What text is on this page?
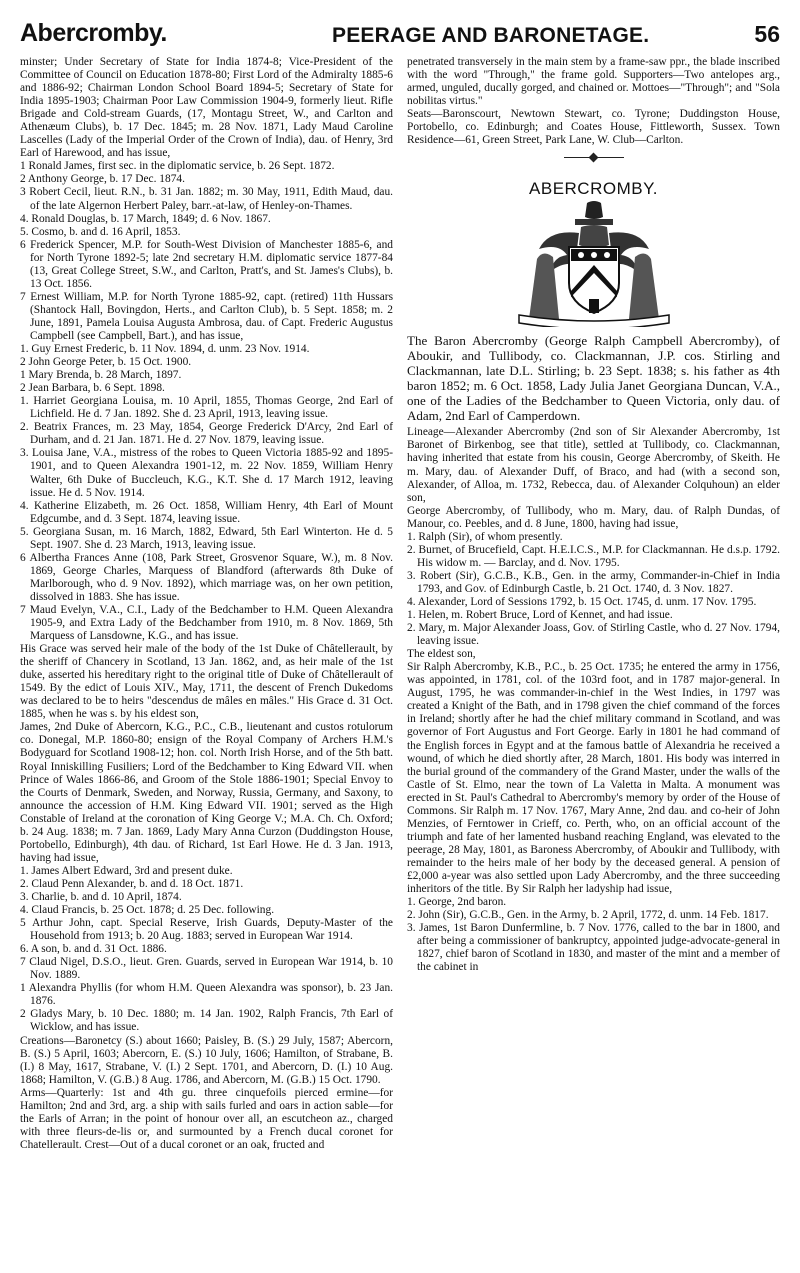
Abercromby.	PEERAGE AND BARONETAGE.	56

minster; Under Secretary of State for India 1874-8; Vice-President of the Committee of Council on Education 1878-80; First Lord of the Admiralty 1885-6 and 1886-92; Chairman London School Board 1894-5; Secretary of State for India 1895-1903; Chairman Poor Law Commission 1904-9, formerly lieut. Rifle Brigade and Cold-stream Guards, (17, Montagu Street, W., and Carlton and Athenæum Clubs), b. 17 Dec. 1845; m. 28 Nov. 1871, Lady Maud Caroline Lascelles (Lady of the Imperial Order of the Crown of India), dau. of Henry, 3rd Earl of Harewood, and has issue,

1 Ronald James, first sec. in the diplomatic service, b. 26 Sept. 1872.

2 Anthony George, b. 17 Dec. 1874.

3 Robert Cecil, lieut. R.N., b. 31 Jan. 1882; m. 30 May, 1911, Edith Maud, dau. of the late Algernon Herbert Paley, barr.-at-law, of Henley-on-Thames.

4. Ronald Douglas, b. 17 March, 1849; d. 6 Nov. 1867.

5. Cosmo, b. and d. 16 April, 1853.

6 Frederick Spencer, M.P. for South-West Division of Manchester 1885-6, and for North Tyrone 1892-5; late 2nd secretary H.M. diplomatic service 1877-84 (13, Great College Street, S.W., and Carlton, Pratt's, and St. James's Clubs), b. 13 Oct. 1856.

7 Ernest William, M.P. for North Tyrone 1885-92, capt. (retired) 11th Hussars (Shantock Hall, Bovingdon, Herts., and Carlton Club), b. 5 Sept. 1858; m. 2 June, 1891, Pamela Louisa Augusta Ambrosa, dau. of Capt. Frederic Augustus Campbell (see Campbell, Bart.), and has issue,

1. Guy Ernest Frederic, b. 11 Nov. 1894, d. unm. 23 Nov. 1914.

2 John George Peter, b. 15 Oct. 1900.

1 Mary Brenda, b. 28 March, 1897.

2 Jean Barbara, b. 6 Sept. 1898.

1. Harriet Georgiana Louisa, m. 10 April, 1855, Thomas George, 2nd Earl of Lichfield. He d. 7 Jan. 1892. She d. 23 April, 1913, leaving issue.

2. Beatrix Frances, m. 23 May, 1854, George Frederick D'Arcy, 2nd Earl of Durham, and d. 21 Jan. 1871. He d. 27 Nov. 1879, leaving issue.

3. Louisa Jane, V.A., mistress of the robes to Queen Victoria 1885-92 and 1895-1901, and to Queen Alexandra 1901-12, m. 22 Nov. 1859, William Henry Walter, 6th Duke of Buccleuch, K.G., K.T. She d. 17 March 1912, leaving issue. He d. 5 Nov. 1914.

4. Katherine Elizabeth, m. 26 Oct. 1858, William Henry, 4th Earl of Mount Edgcumbe, and d. 3 Sept. 1874, leaving issue.

5. Georgiana Susan, m. 16 March, 1882, Edward, 5th Earl Winterton. He d. 5 Sept. 1907. She d. 23 March, 1913, leaving issue.

6 Albertha Frances Anne (108, Park Street, Grosvenor Square, W.), m. 8 Nov. 1869, George Charles, Marquess of Blandford (afterwards 8th Duke of Marlborough, who d. 9 Nov. 1892), which marriage was, on her own petition, dissolved in 1883. She has issue.

7 Maud Evelyn, V.A., C.I., Lady of the Bedchamber to H.M. Queen Alexandra 1905-9, and Extra Lady of the Bedchamber from 1910, m. 8 Nov. 1869, 5th Marquess of Lansdowne, K.G., and has issue.

His Grace was served heir male of the body of the 1st Duke of Châtellerault, by the sheriff of Chancery in Scotland, 13 Jan. 1862, and, as heir male of the 1st duke, asserted his hereditary right to the original title of Duke of Châtellerault of 1549. By the edict of Louis XIV., May, 1711, the descent of French Dukedoms was declared to be to heirs "descendus de mâles en mâles." His Grace d. 31 Oct. 1885, when he was s. by his eldest son,

James, 2nd Duke of Abercorn, K.G., P.C., C.B., lieutenant and custos rotulorum co. Donegal, M.P. 1860-80; ensign of the Royal Company of Archers H.M.'s Bodyguard for Scotland 1908-12; hon. col. North Irish Horse, and of the 5th batt. Royal Inniskilling Fusiliers; Lord of the Bedchamber to King Edward VII. when Prince of Wales 1866-86, and Groom of the Stole 1886-1901; Special Envoy to the Courts of Denmark, Sweden, and Norway, Russia, Germany, and Saxony, to announce the accession of H.M. King Edward VII. 1901; served as the High Constable of Ireland at the coronation of King George V.; M.A. Ch. Ch. Oxford; b. 24 Aug. 1838; m. 7 Jan. 1869, Lady Mary Anna Curzon (Duddingston House, Portobello, Edinburgh), 4th dau. of Richard, 1st Earl Howe. He d. 3 Jan. 1913, having had issue,

1. James Albert Edward, 3rd and present duke.

2. Claud Penn Alexander, b. and d. 18 Oct. 1871.

3. Charlie, b. and d. 10 April, 1874.

4. Claud Francis, b. 25 Oct. 1878; d. 25 Dec. following.

5 Arthur John, capt. Special Reserve, Irish Guards, Deputy-Master of the Household from 1913; b. 20 Aug. 1883; served in European War 1914.

6. A son, b. and d. 31 Oct. 1886.

7 Claud Nigel, D.S.O., lieut. Gren. Guards, served in European War 1914, b. 10 Nov. 1889.

1 Alexandra Phyllis (for whom H.M. Queen Alexandra was sponsor), b. 23 Jan. 1876.

2 Gladys Mary, b. 10 Dec. 1880; m. 14 Jan. 1902, Ralph Francis, 7th Earl of Wicklow, and has issue.

Creations—Baronetcy (S.) about 1660; Paisley, B. (S.) 29 July, 1587; Abercorn, B. (S.) 5 April, 1603; Abercorn, E. (S.) 10 July, 1606; Hamilton, of Strabane, B. (I.) 8 May, 1617, Strabane, V. (I.) 2 Sept. 1701, and Abercorn, D. (I.) 10 Aug. 1868; Hamilton, V. (G.B.) 8 Aug. 1786, and Abercorn, M. (G.B.) 15 Oct. 1790.

Arms—Quarterly: 1st and 4th gu. three cinquefoils pierced ermine—for Hamilton; 2nd and 3rd, arg. a ship with sails furled and oars in action sable—for the Earls of Arran; in the point of honour over all, an escutcheon az., charged with three fleurs-de-lis or, and surmounted by a French ducal coronet for Chatellerault. Crest—Out of a ducal coronet or an oak, fructed and

penetrated transversely in the main stem by a frame-saw ppr., the blade inscribed with the word "Through," the frame gold. Supporters—Two antelopes arg., armed, unguled, ducally gorged, and chained or. Mottoes—"Through"; and "Sola nobilitas virtus."

Seats—Baronscourt, Newtown Stewart, co. Tyrone; Duddingston House, Portobello, co. Edinburgh; and Coates House, Fittleworth, Sussex. Town Residence—61, Green Street, Park Lane, W. Club—Carlton.

ABERCROMBY.

The Baron Abercromby (George Ralph Campbell Abercromby), of Aboukir, and Tullibody, co. Clackmannan, J.P. cos. Stirling and Clackmannan, late D.L. Stirling; b. 23 Sept. 1838; s. his father as 4th baron 1852; m. 6 Oct. 1858, Lady Julia Janet Georgiana Duncan, V.A., one of the Ladies of the Bedchamber to Queen Victoria, only dau. of Adam, 2nd Earl of Camperdown.

Lineage—Alexander Abercromby (2nd son of Sir Alexander Abercromby, 1st Baronet of Birkenbog, see that title), settled at Tullibody, co. Clackmannan, having inherited that estate from his cousin, George Abercromby, of Skeith. He m. Mary, dau. of Alexander Duff, of Braco, and had (with a second son, Alexander, of Alloa, m. 1732, Rebecca, dau. of Alexander Colquhoun) an elder son,

George Abercromby, of Tullibody, who m. Mary, dau. of Ralph Dundas, of Manour, co. Peebles, and d. 8 June, 1800, having had issue,

1. Ralph (Sir), of whom presently.

2. Burnet, of Brucefield, Capt. H.E.I.C.S., M.P. for Clackmannan. He d.s.p. 1792. His widow m. — Barclay, and d. Nov. 1795.

3. Robert (Sir), G.C.B., K.B., Gen. in the army, Commander-in-Chief in India 1793, and Gov. of Edinburgh Castle, b. 21 Oct. 1740, d. 3 Nov. 1827.

4. Alexander, Lord of Sessions 1792, b. 15 Oct. 1745, d. unm. 17 Nov. 1795.

1. Helen, m. Robert Bruce, Lord of Kennet, and had issue.

2. Mary, m. Major Alexander Joass, Gov. of Stirling Castle, who d. 27 Nov. 1794, leaving issue.

The eldest son,

Sir Ralph Abercromby, K.B., P.C., b. 25 Oct. 1735; he entered the army in 1756, was appointed, in 1781, col. of the 103rd foot, and in 1787 major-general. In August, 1795, he was commander-in-chief in the West Indies, in 1797 was created a Knight of the Bath, and in 1798 given the chief command of the forces in Ireland; shortly after he had the chief military command in Scotland, and was governor of Fort Augustus and Fort George. Early in 1801 he had command of the English forces in Egypt and at the famous battle of Alexandria he received a wound, of which he died shortly after, 28 March, 1801. His body was interred in the burial ground of the commandery of the Grand Master, under the walls of the Castle of St. Elmo, near the town of La Valetta in Malta. A monument was erected in St. Paul's Cathedral to Abercromby's memory by order of the House of Commons. Sir Ralph m. 17 Nov. 1767, Mary Anne, 2nd dau. and co-heir of John Menzies, of Ferntower in Crieff, co. Perth, who, on an official account of the triumph and fate of her lamented husband reaching England, was elevated to the peerage, 28 May, 1801, as Baroness Abercromby, of Aboukir and Tullibody, with remainder to the heirs male of her body by the deceased general. A pension of £2,000 a-year was also settled upon Lady Abercromby, and the three succeeding inheritors of the title. By Sir Ralph her ladyship had issue,

1. George, 2nd baron.

2. John (Sir), G.C.B., Gen. in the Army, b. 2 April, 1772, d. unm. 14 Feb. 1817.

3. James, 1st Baron Dunfermline, b. 7 Nov. 1776, called to the bar in 1800, and after being a commissioner of bankruptcy, appointed judge-advocate-general in 1827, chief baron of Scotland in 1830, and master of the mint and a member of the cabinet in
